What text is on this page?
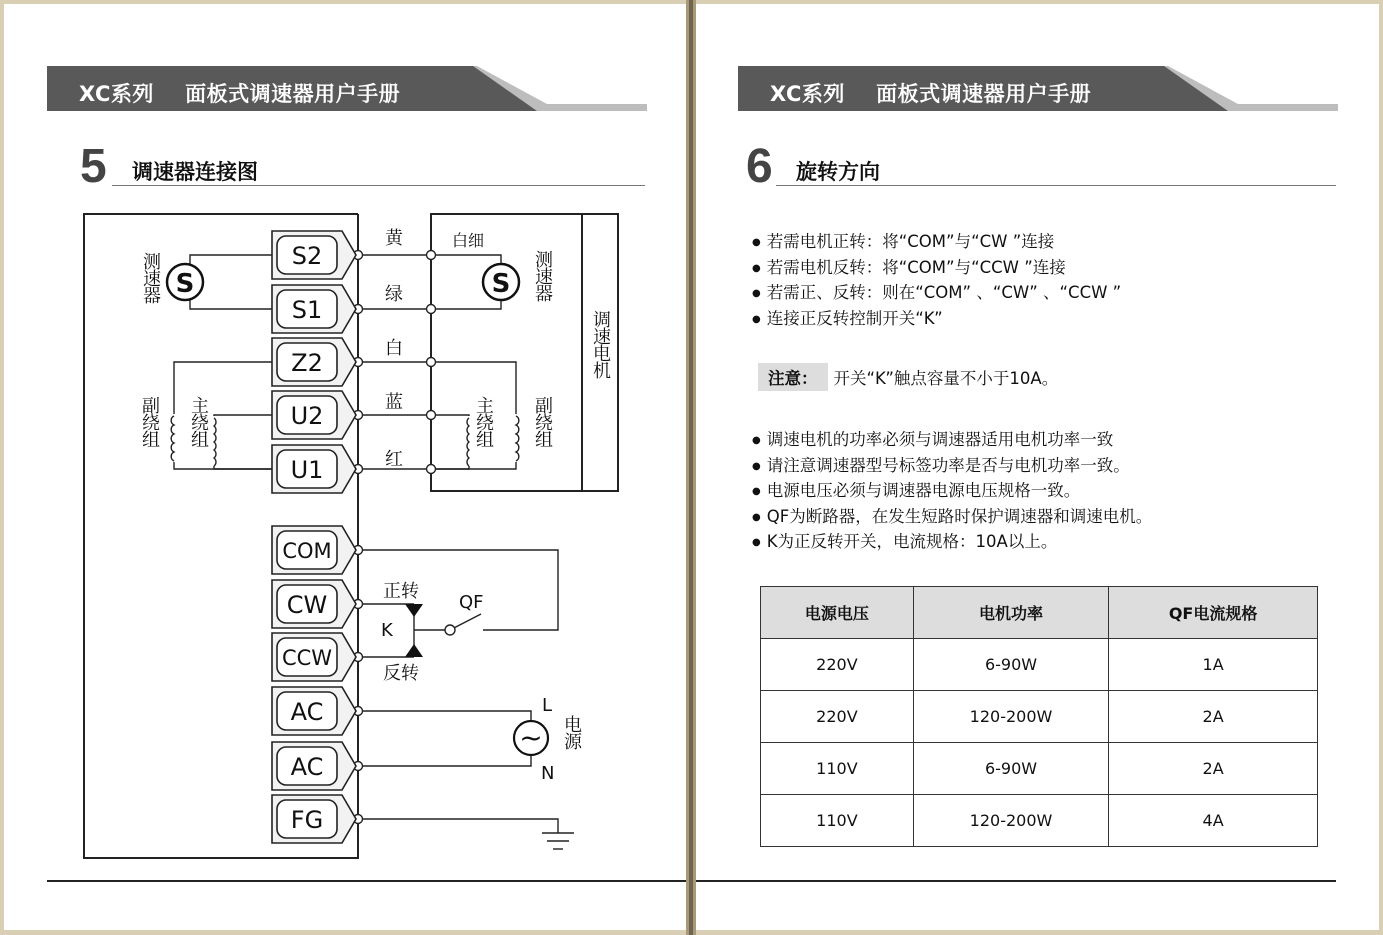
XC系列 面板式调速器用户手册
5 调速器连接图
S2
S1
Z2
U2
U1
COM
CW
CCW
AC
AC
FG
S	S
~
黄
绿
白
蓝
红
白细
测速器	测速器
副绕组 主绕组	主绕组 副绕组
调速电机
正转
反转
K
QF
L
N
电源
XC系列 面板式调速器用户手册
6 旋转方向
● 若需电机正转：将“COM”与“CW ”连接
● 若需电机反转：将“COM”与“CCW ”连接
● 若需正、反转：则在“COM” 、“CW” 、“CCW ”
● 连接正反转控制开关“K”
注意： 开关“K”触点容量不小于10A。
● 调速电机的功率必须与调速器适用电机功率一致
● 请注意调速器型号标签功率是否与电机功率一致。
● 电源电压必须与调速器电源电压规格一致。
● QF为断路器，在发生短路时保护调速器和调速电机。
● K为正反转开关，电流规格：10A以上。
电源电压	电机功率	QF电流规格
220V	6-90W	1A
220V	120-200W	2A
110V	6-90W	2A
110V	120-200W	4A
